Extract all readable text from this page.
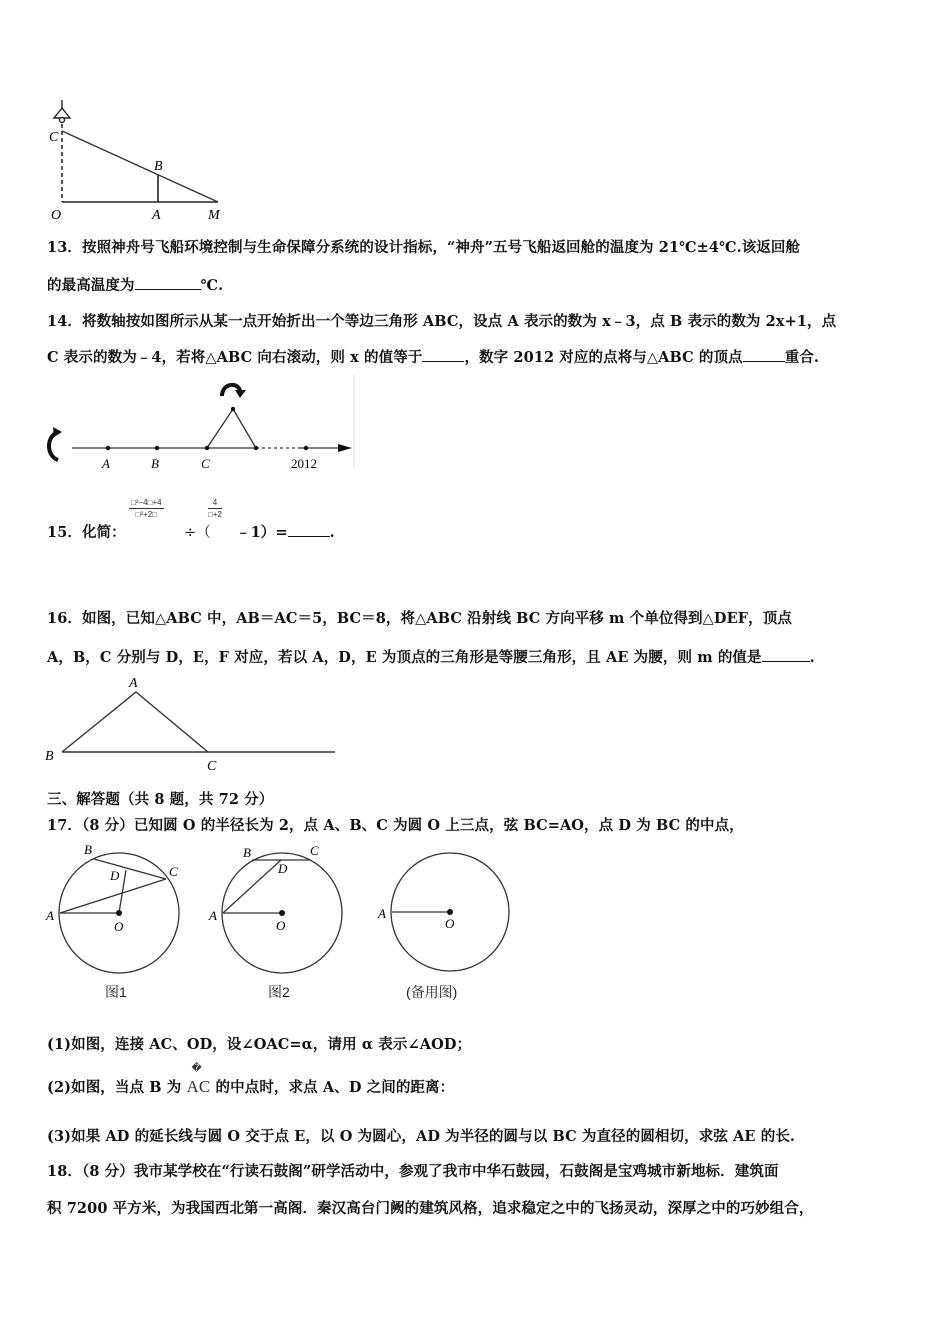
C
B
O	A	M
13．按照神舟号飞船环境控制与生命保障分系统的设计指标，“神舟”五号飞船返回舱的温度为 21℃±4℃.该返回舱
的最高温度为	℃.
14．将数轴按如图所示从某一点开始折出一个等边三角形 ABC，设点 A 表示的数为 x﹣3，点 B 表示的数为 2x+1，点
C 表示的数为﹣4，若将△ABC 向右滚动，则 x 的值等于	，数字 2012 对应的点将与△ABC 的顶点	重合.
A	B	C	2012
15．化简：
$\frac{\text{□²−4□+4}}{\text{□²+2□}}$
÷（
$\frac{4}{□+2}$
﹣1）=	.
16．如图，已知△ABC 中，AB＝AC＝5，BC＝8，将△ABC 沿射线 BC 方向平移 m 个单位得到△DEF，顶点
A，B，C 分别与 D，E，F 对应，若以 A，D，E 为顶点的三角形是等腰三角形，且 AE 为腰，则 m 的值是	.
A
B
C
三、解答题（共 8 题，共 72 分）
17．（8 分）已知圆 O 的半径长为 2，点 A、B、C 为圆 O 上三点，弦 BC=AO，点 D 为 BC 的中点，
B
C
D
A
O
B	C
D
A
O
A
O
图1	图2	(备用图)
(1)如图，连接 AC、OD，设∠OAC=α，请用 α 表示∠AOD；
(2)如图，当点 B 为
�
AC 的中点时，求点 A、D 之间的距离：
(3)如果 AD 的延长线与圆 O 交于点 E，以 O 为圆心，AD 为半径的圆与以 BC 为直径的圆相切，求弦 AE 的长.
18．（8 分）我市某学校在“行读石鼓阁”研学活动中，参观了我市中华石鼓园，石鼓阁是宝鸡城市新地标．建筑面
积 7200 平方米，为我国西北第一高阁．秦汉高台门阙的建筑风格，追求稳定之中的飞扬灵动，深厚之中的巧妙组合，
